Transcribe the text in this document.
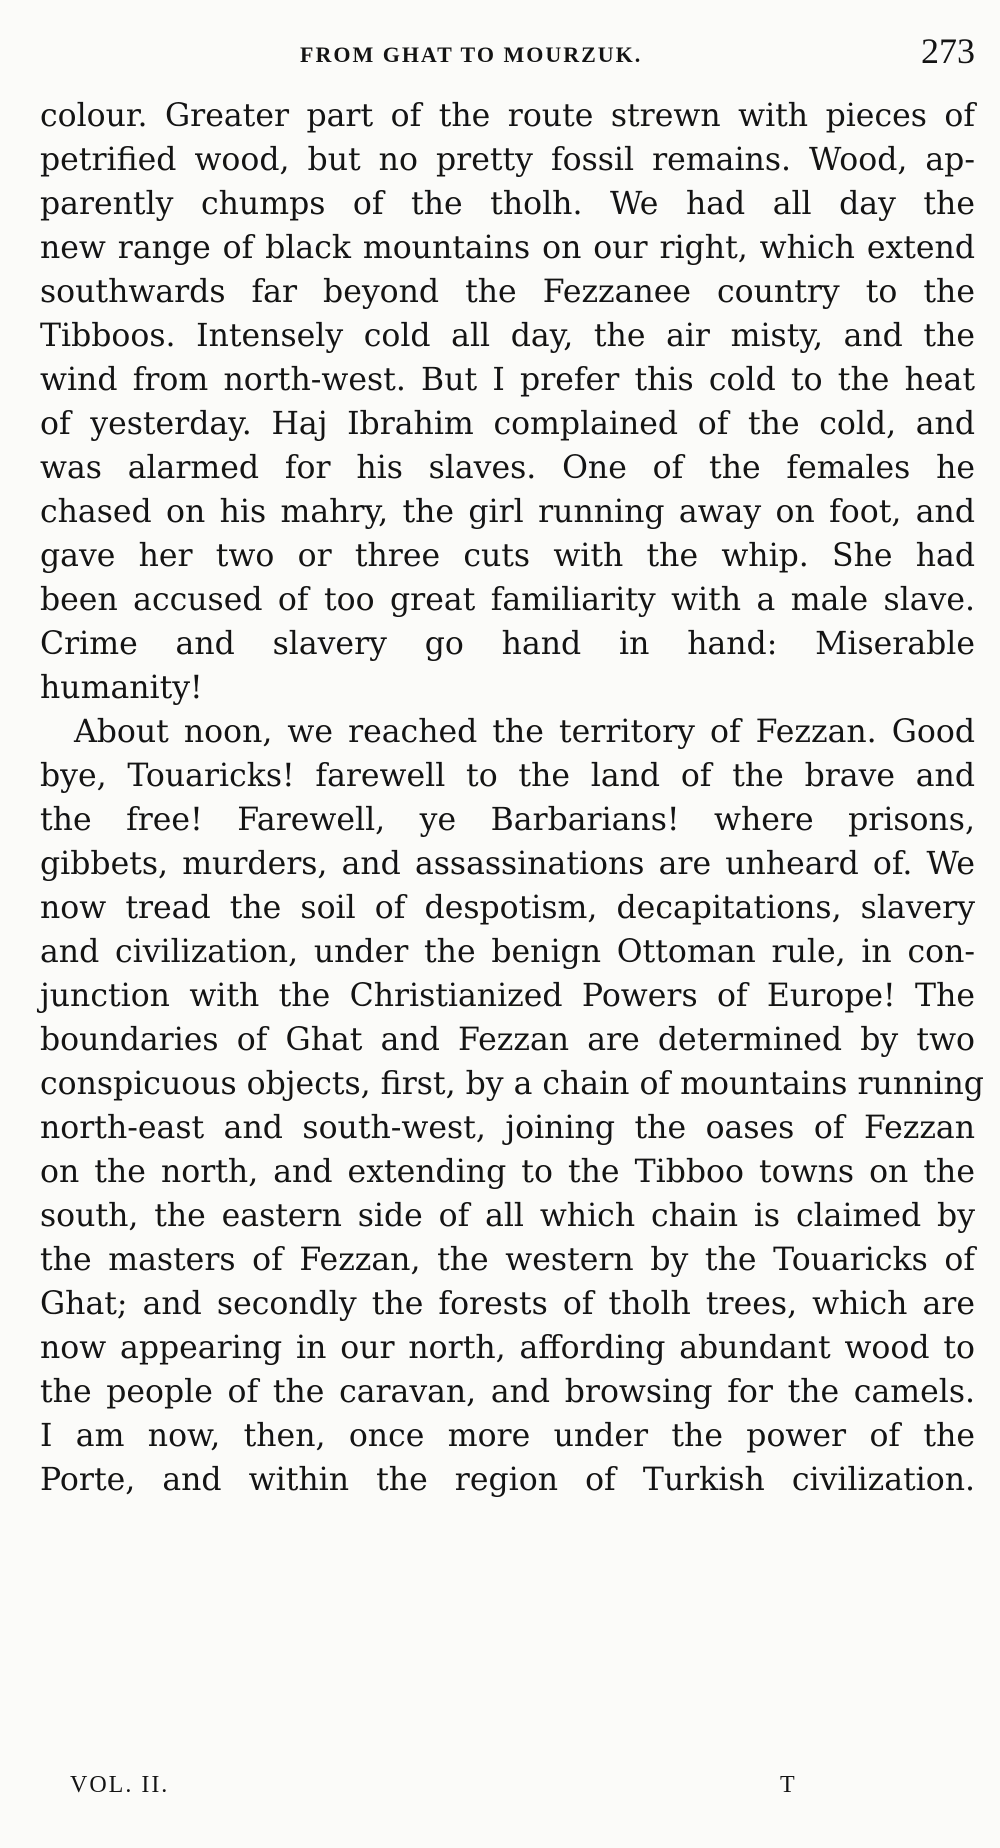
FROM GHAT TO MOURZUK.	273
colour. Greater part of the route strewn with pieces of
petrified wood, but no pretty fossil remains. Wood, ap-
parently chumps of the tholh. We had all day the
new range of black mountains on our right, which extend
southwards far beyond the Fezzanee country to the
Tibboos. Intensely cold all day, the air misty, and the
wind from north-west. But I prefer this cold to the heat
of yesterday. Haj Ibrahim complained of the cold, and
was alarmed for his slaves. One of the females he
chased on his mahry, the girl running away on foot, and
gave her two or three cuts with the whip. She had
been accused of too great familiarity with a male slave.
Crime and slavery go hand in hand: Miserable
humanity!
About noon, we reached the territory of Fezzan. Good
bye, Touaricks! farewell to the land of the brave and
the free! Farewell, ye Barbarians! where prisons,
gibbets, murders, and assassinations are unheard of. We
now tread the soil of despotism, decapitations, slavery
and civilization, under the benign Ottoman rule, in con-
junction with the Christianized Powers of Europe! The
boundaries of Ghat and Fezzan are determined by two
conspicuous objects, first, by a chain of mountains running
north-east and south-west, joining the oases of Fezzan
on the north, and extending to the Tibboo towns on the
south, the eastern side of all which chain is claimed by
the masters of Fezzan, the western by the Touaricks of
Ghat; and secondly the forests of tholh trees, which are
now appearing in our north, affording abundant wood to
the people of the caravan, and browsing for the camels.
I am now, then, once more under the power of the
Porte, and within the region of Turkish civilization.
VOL. II.	T
